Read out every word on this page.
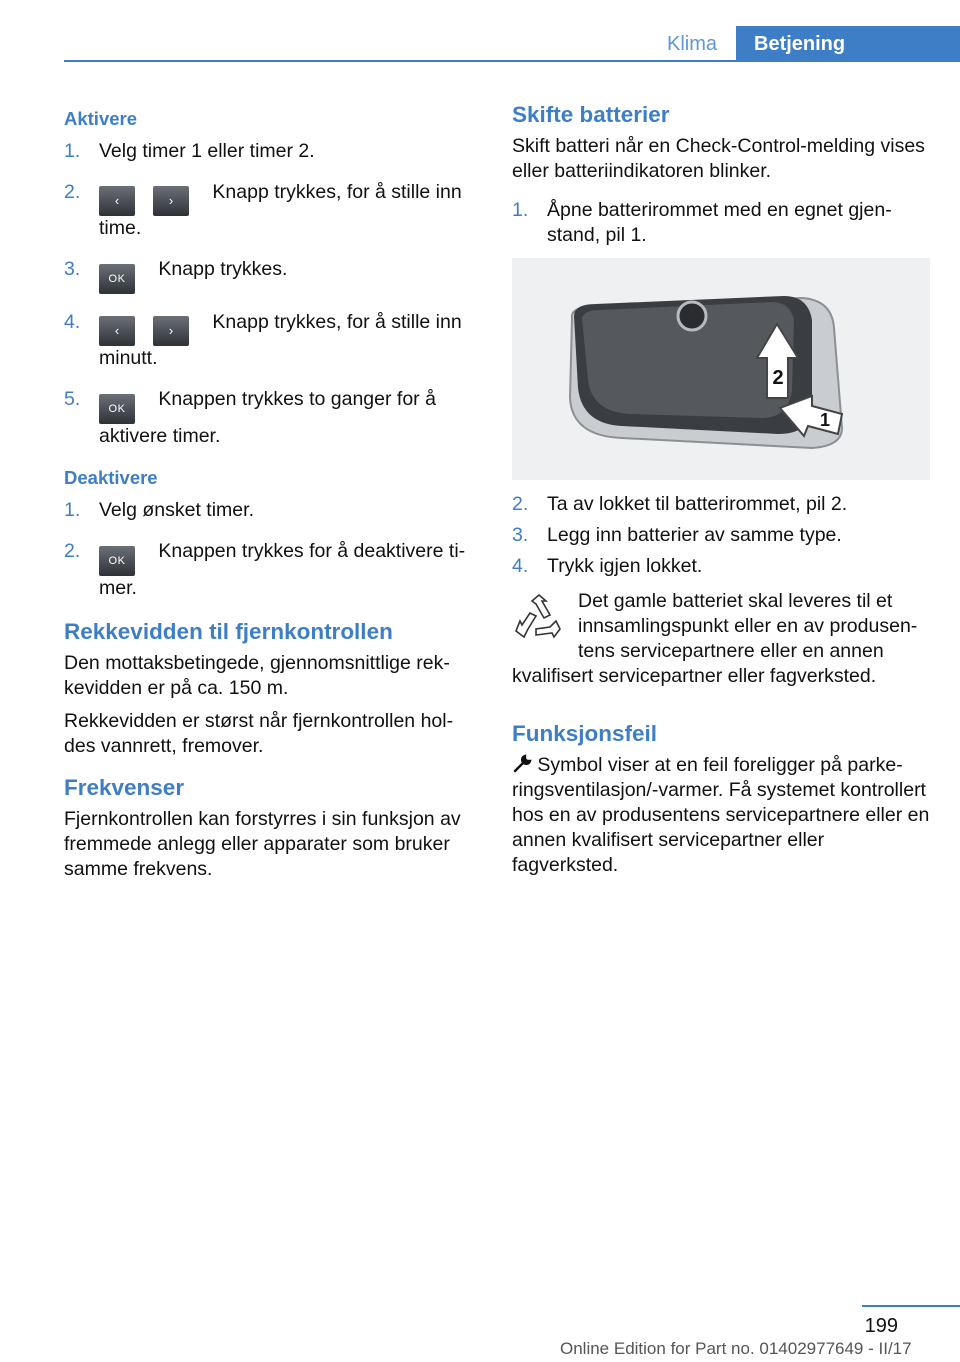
Klima	Betjening
Aktivere
1. Velg timer 1 eller timer 2.
2.	‹	› Knapp trykkes, for å stille inn time.
3.	OK Knapp trykkes.
4.	‹	› Knapp trykkes, for å stille inn minutt.
5.	OK Knappen trykkes to ganger for å aktivere timer.
Deaktivere
1. Velg ønsket timer.
2.	OK Knappen trykkes for å deaktivere timer.
Rekkevidden til fjernkontrollen

Den mottaksbetingede, gjennomsnittlige rekkevidden er på ca. 150 m.

Rekkevidden er størst når fjernkontrollen holdes vannrett, fremover.

Frekvenser

Fjernkontrollen kan forstyrres i sin funksjon av fremmede anlegg eller apparater som bruker samme frekvens.

Skifte batterier

Skift batteri når en Check-Control-melding vises eller batteriindikatoren blinker.

1. Åpne batterirommet med en egnet gjenstand, pil 1.
2
1
2. Ta av lokket til batterirommet, pil 2.
3. Legg inn batterier av samme type.
4. Trykk igjen lokket.
Det gamle batteriet skal leveres til et innsamlingspunkt eller en av produsentens servicepartnere eller en annen
kvalifisert servicepartner eller fagverksted.
Funksjonsfeil

Symbol viser at en feil foreligger på parkeringsventilasjon/-varmer. Få systemet kontrollert hos en av produsentens servicepartnere eller en annen kvalifisert servicepartner eller fagverksted.

199
Online Edition for Part no. 01402977649 - II/17
